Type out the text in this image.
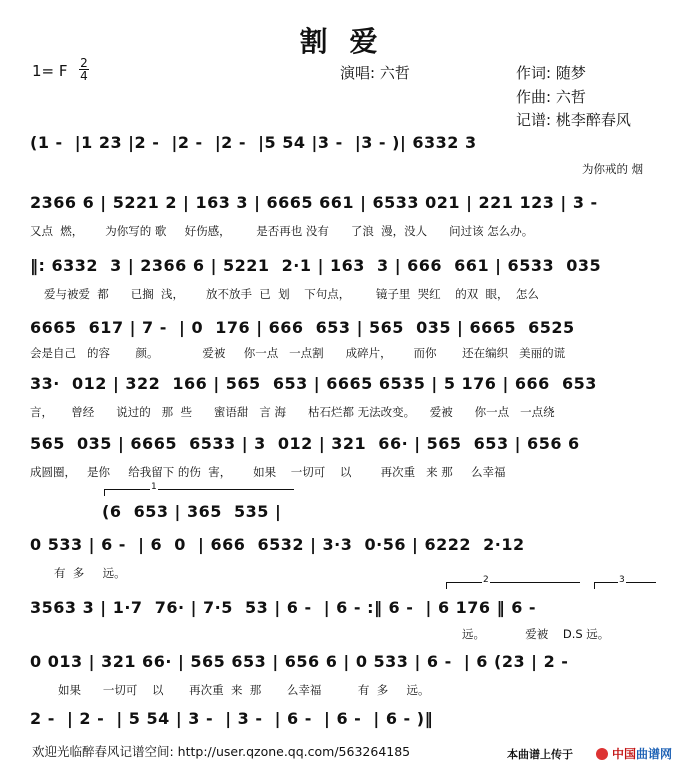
割爱
1= F 2
4	演唱: 六哲	作词: 随梦
作曲: 六哲
记谱: 桃李醉春风
(1 -  |1 23 |2 -  |2 -  |2 -  |5 54 |3 -  |3 - )| 6332 3
为你戒的 烟
2366 6 | 5221 2 | 163 3 | 6665 661 | 6533 021 | 221 123 | 3 -
又点  燃，      为你写的 歌     好伤感，       是否再也 没有      了浪  漫，没人      问过该 怎么办。
‖: 6332  3 | 2366 6 | 5221  2·1 | 163  3 | 666  661 | 6533  035
爱与被爱  都      已搁  浅，      放不放手  已  划    下句点，       镜子里  哭红    的双  眼，  怎么
6665  617 | 7 -  | 0  176 | 666  653 | 565  035 | 6665  6525
会是自己   的容       颜。            爱被     你一点   一点割      成碎片，      而你       还在编织   美丽的谎
33·  012 | 322  166 | 565  653 | 6665 6535 | 5 176 | 666  653
言，     曾经      说过的   那  些      蜜语甜   言 海      枯石烂都 无法改变。    爱被      你一点   一点绕
565  035 | 6665  6533 | 3  012 | 321  66· | 565  653 | 656 6
成圆圈，   是你     给我留下 的伤  害，      如果    一切可    以        再次重   来 那     么幸福
1
(6  653 | 365  535 |
0 533 | 6 -  | 6  0  | 666  6532 | 3·3  0·56 | 6222  2·12
有  多     远。	2	3
3563 3 | 1·7  76· | 7·5  53 | 6 -  | 6 - :‖ 6 -  | 6 176 ‖ 6 -
远。           爱被    D.S 远。
0 013 | 321 66· | 565 653 | 656 6 | 0 533 | 6 -  | 6 (23 | 2 -
如果      一切可    以       再次重  来  那       么幸福          有  多     远。
2 -  | 2 -  | 5 54 | 3 -  | 3 -  | 6 -  | 6 -  | 6 - )‖
欢迎光临醉春风记谱空间: http://user.qzone.qq.com/563264185	本曲谱上传于	中国曲谱网
